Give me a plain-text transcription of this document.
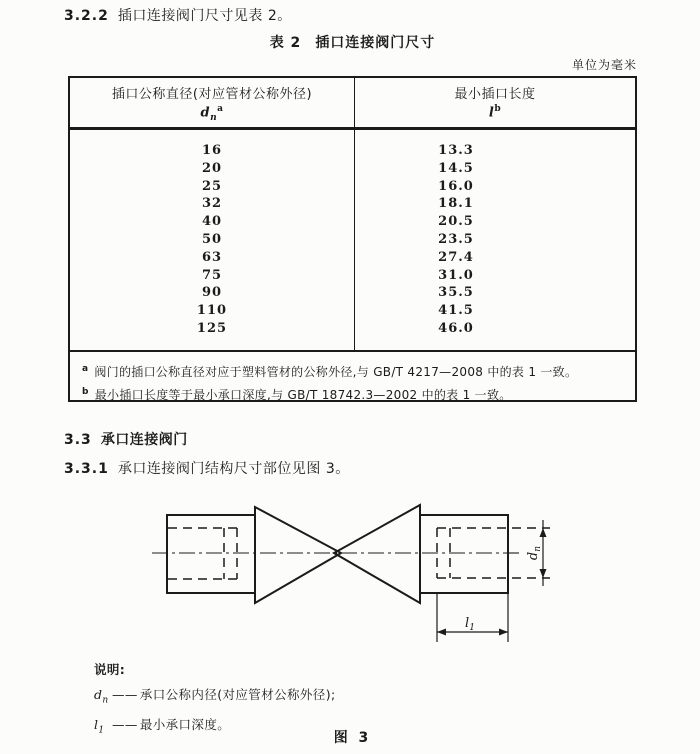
3.2.2 插口连接阀门尺寸见表 2。
表 2 插口连接阀门尺寸
单位为毫米
插口公称直径(对应管材公称外径)
$d_n^a$
最小插口长度
$l^b$
16
20
25
32
40
50
63
75
90
110
125
13.3
14.5
16.0
18.1
20.5
23.5
27.4
31.0
35.5
41.5
46.0
$^a$ 阀门的插口公称直径对应于塑料管材的公称外径,与 GB/T 4217—2008 中的表 1 一致。
$^b$ 最小插口长度等于最小承口深度,与 GB/T 18742.3—2002 中的表 1 一致。
3.3 承口连接阀门
3.3.1 承口连接阀门结构尺寸部位见图 3。
$d_n$
$l_1$
说明:
$d_n$ —— 承口公称内径(对应管材公称外径);
$l_1$ —— 最小承口深度。
图 3
